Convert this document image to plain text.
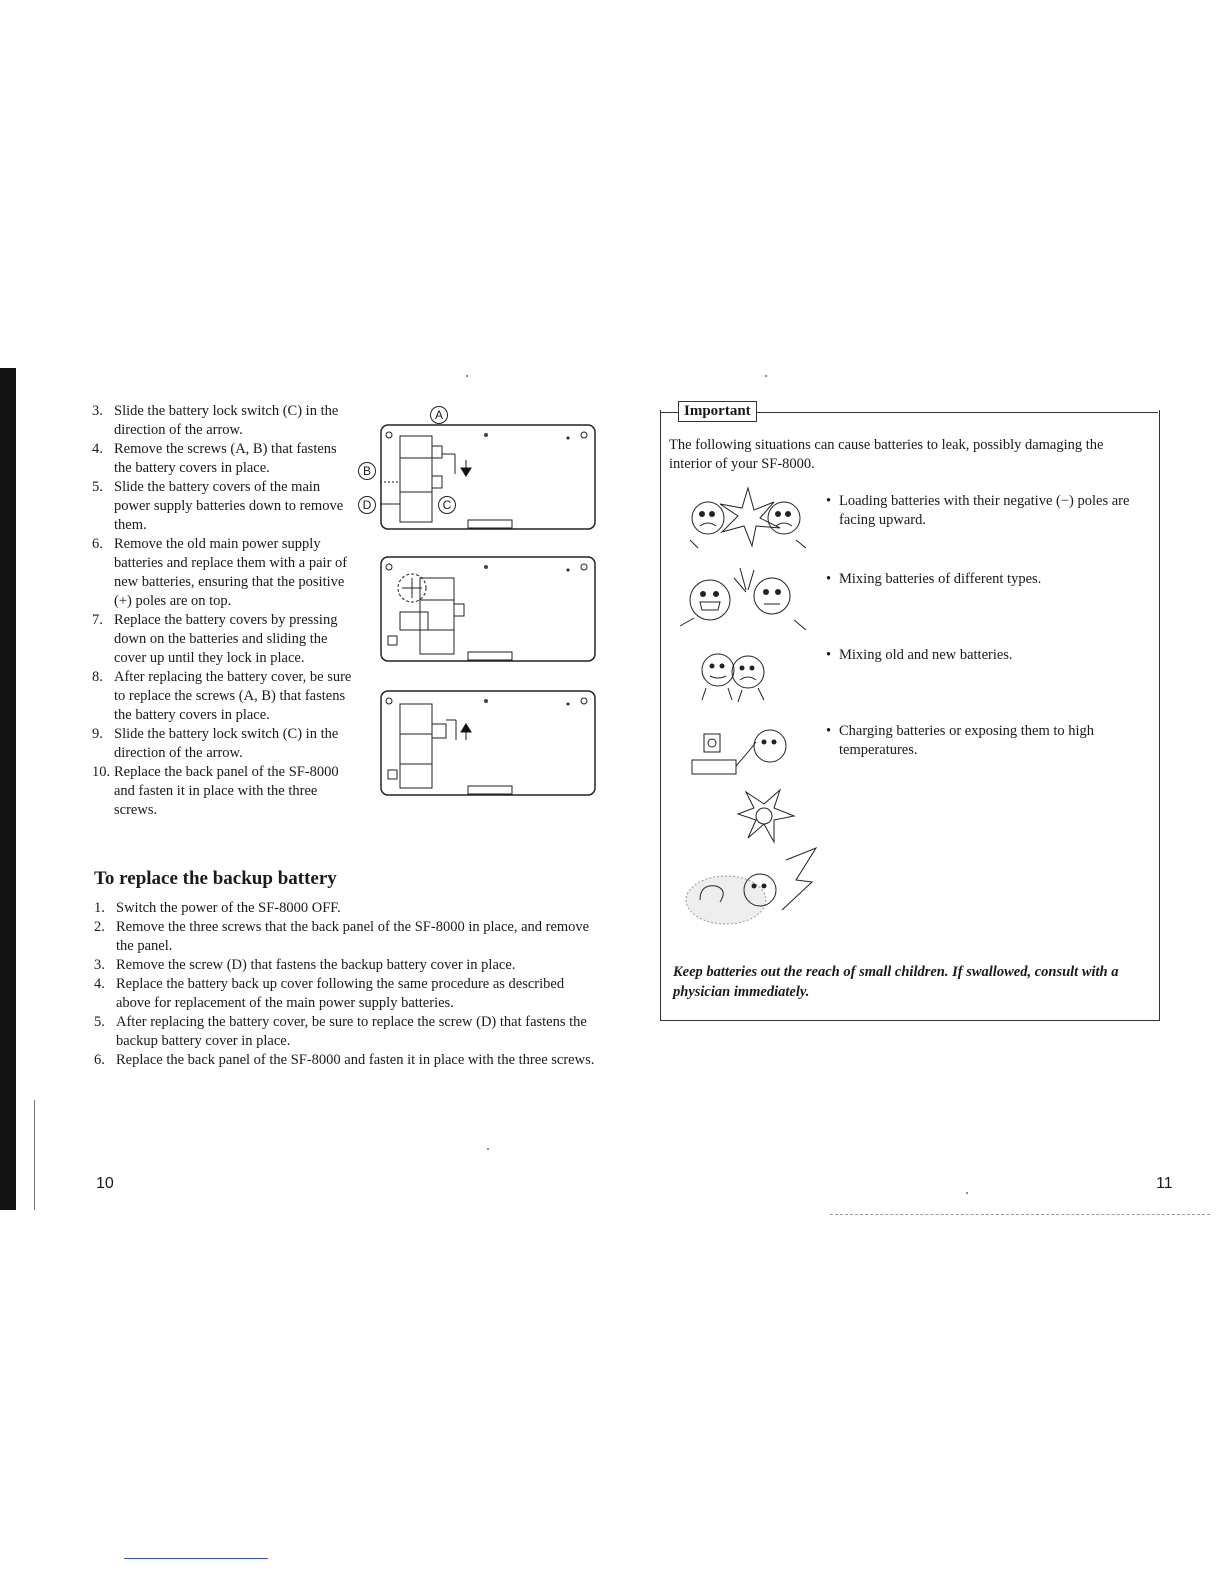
3. Slide the battery lock switch (C) in the direction of the arrow.
4. Remove the screws (A, B) that fastens the battery covers in place.
5. Slide the battery covers of the main power supply batteries down to remove them.
6. Remove the old main power supply batteries and replace them with a pair of new batteries, ensuring that the positive (+) poles are on top.
7. Replace the battery covers by pressing down on the batteries and sliding the cover up until they lock in place.
8. After replacing the battery cover, be sure to replace the screws (A, B) that fastens the battery covers in place.
9. Slide the battery lock switch (C) in the direction of the arrow.
10. Replace the back panel of the SF-8000 and fasten it in place with the three screws.
A
B
D	C
To replace the backup battery
1. Switch the power of the SF-8000 OFF.
2. Remove the three screws that the back panel of the SF-8000 in place, and remove the panel.
3. Remove the screw (D) that fastens the backup battery cover in place.
4. Replace the battery back up cover following the same procedure as described above for replacement of the main power supply batteries.
5. After replacing the battery cover, be sure to replace the screw (D) that fastens the backup battery cover in place.
6. Replace the back panel of the SF-8000 and fasten it in place with the three screws.
10
Important

The following situations can cause batteries to leak, possibly damaging the interior of your SF-8000.

• Loading batteries with their negative (−) poles are facing upward.
• Mixing batteries of different types.
• Mixing old and new batteries.
• Charging batteries or exposing them to high temperatures.

Keep batteries out the reach of small children. If swallowed, consult with a physician immediately.

11
